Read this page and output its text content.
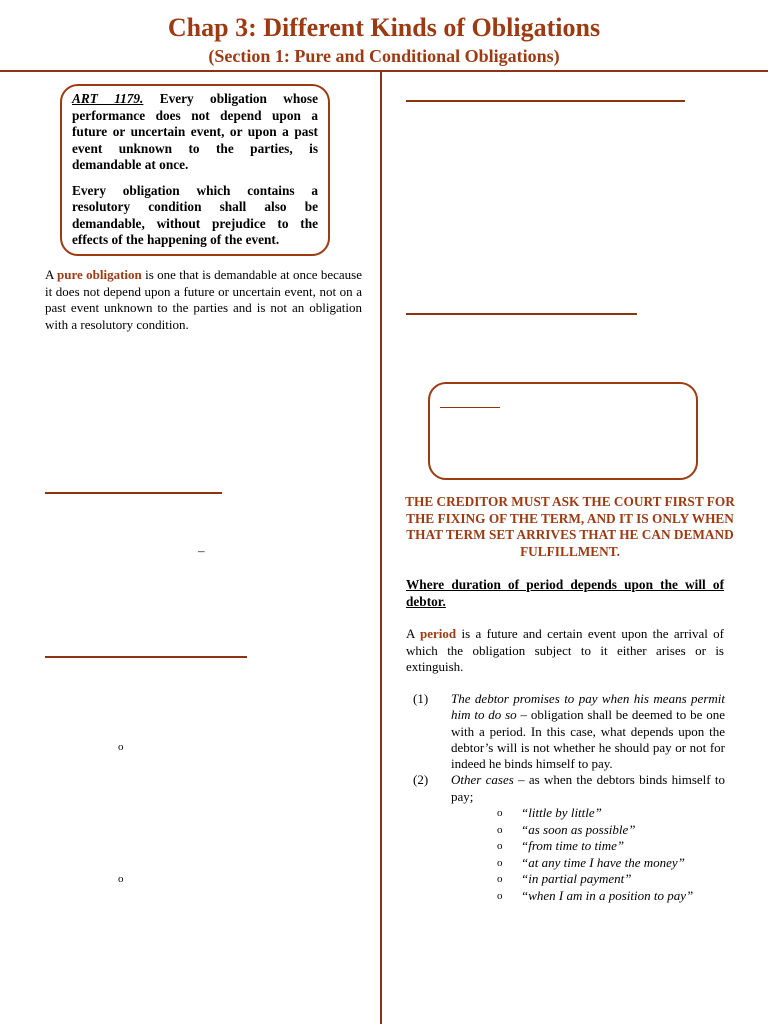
Chap 3: Different Kinds of Obligations
(Section 1: Pure and Conditional Obligations)

ART 1179. Every obligation whose performance does not depend upon a future or uncertain event, or upon a past event unknown to the parties, is demandable at once.

Every obligation which contains a resolutory condition shall also be demandable, without prejudice to the effects of the happening of the event.

A pure obligation is one that is demandable at once because it does not depend upon a future or uncertain event, not on a past event unknown to the parties and is not an obligation with a resolutory condition.
–
o
o
THE CREDITOR MUST ASK THE COURT FIRST FOR THE FIXING OF THE TERM, AND IT IS ONLY WHEN THAT TERM SET ARRIVES THAT HE CAN DEMAND FULFILLMENT.
Where duration of period depends upon the will of debtor.
A period is a future and certain event upon the arrival of which the obligation subject to it either arises or is extinguish.
(1) The debtor promises to pay when his means permit him to do so – obligation shall be deemed to be one with a period. In this case, what depends upon the debtor’s will is not whether he should pay or not for indeed he binds himself to pay.
(2) Other cases – as when the debtors binds himself to pay;
o “little by little”
o “as soon as possible”
o “from time to time”
o “at any time I have the money”
o “in partial payment”
o “when I am in a position to pay”
